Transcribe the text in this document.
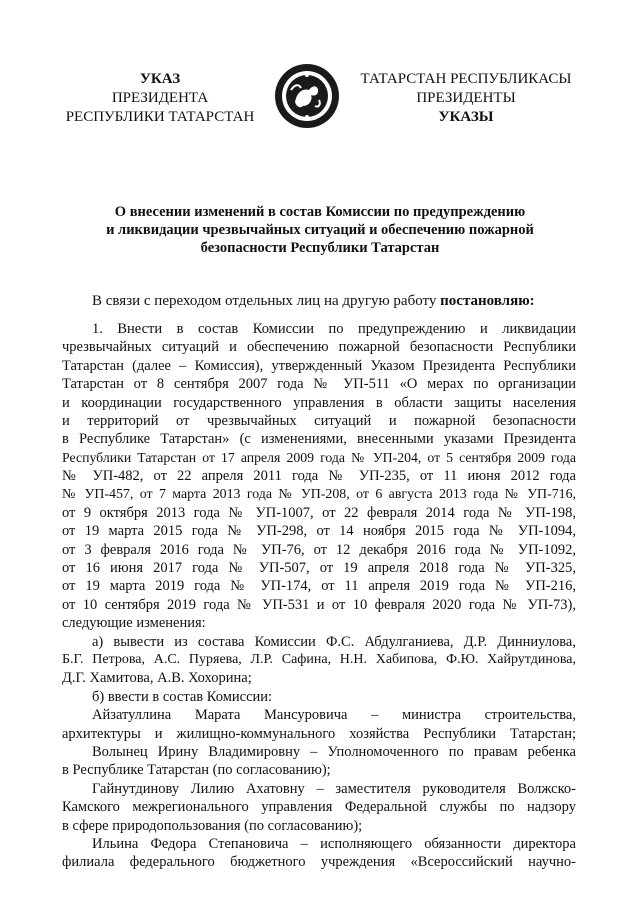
УКАЗ
ПРЕЗИДЕНТА
РЕСПУБЛИКИ ТАТАРСТАН
ТАТАРСТАН РЕСПУБЛИКАСЫ
ПРЕЗИДЕНТЫ
УКАЗЫ
О внесении изменений в состав Комиссии по предупреждению
и ликвидации чрезвычайных ситуаций и обеспечению пожарной
безопасности Республики Татарстан
В связи с переходом отдельных лиц на другую работу постановляю:
1. Внести в состав Комиссии по предупреждению и ликвидации
чрезвычайных ситуаций и обеспечению пожарной безопасности Республики
Татарстан (далее – Комиссия), утвержденный Указом Президента Республики
Татарстан от 8 сентября 2007 года № УП-511 «О мерах по организации
и координации государственного управления в области защиты населения
и территорий от чрезвычайных ситуаций и пожарной безопасности
в Республике Татарстан» (с изменениями, внесенными указами Президента
Республики Татарстан от 17 апреля 2009 года № УП-204, от 5 сентября 2009 года
№ УП-482, от 22 апреля 2011 года № УП-235, от 11 июня 2012 года
№ УП-457, от 7 марта 2013 года № УП-208, от 6 августа 2013 года № УП-716,
от 9 октября 2013 года № УП-1007, от 22 февраля 2014 года № УП-198,
от 19 марта 2015 года № УП-298, от 14 ноября 2015 года № УП-1094,
от 3 февраля 2016 года № УП-76, от 12 декабря 2016 года № УП-1092,
от 16 июня 2017 года № УП-507, от 19 апреля 2018 года № УП-325,
от 19 марта 2019 года № УП-174, от 11 апреля 2019 года № УП-216,
от 10 сентября 2019 года № УП-531 и от 10 февраля 2020 года № УП-73),
следующие изменения:
а) вывести из состава Комиссии Ф.С. Абдулганиева, Д.Р. Динниулова,
Б.Г. Петрова, А.С. Пуряева, Л.Р. Сафина, Н.Н. Хабипова, Ф.Ю. Хайрутдинова,
Д.Г. Хамитова, А.В. Хохорина;
б) ввести в состав Комиссии:
Айзатуллина Марата Мансуровича – министра строительства,
архитектуры и жилищно-коммунального хозяйства Республики Татарстан;
Волынец Ирину Владимировну – Уполномоченного по правам ребенка
в Республике Татарстан (по согласованию);
Гайнутдинову Лилию Ахатовну – заместителя руководителя Волжско-
Камского межрегионального управления Федеральной службы по надзору
в сфере природопользования (по согласованию);
Ильина Федора Степановича – исполняющего обязанности директора
филиала федерального бюджетного учреждения «Всероссийский научно-
